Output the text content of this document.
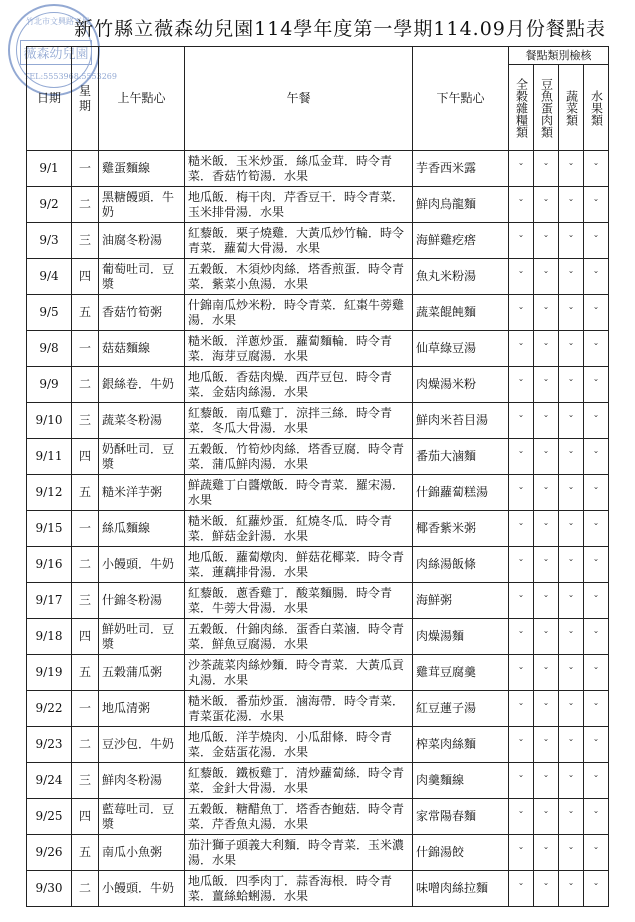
竹北市文興路五段
薇森幼兒園
TEL:5553968.5553269
新竹縣立薇森幼兒園114學年度第一學期114.09月份餐點表
日期	星期	上午點心	午餐	下午點心	餐點類別檢核			

					全穀雜糧類	豆魚蛋肉類	蔬菜類	水果類

9/1	一	雞蛋麵線	糙米飯．玉米炒蛋．絲瓜金茸．時令青菜．香菇竹筍湯．水果	芋香西米露	ˇ	ˇ	ˇ	ˇ
9/2	二	黑糖饅頭．牛奶	地瓜飯．梅干肉．芹香豆干．時令青菜．玉米排骨湯．水果	鮮肉烏龍麵	ˇ	ˇ	ˇ	ˇ
9/3	三	油腐冬粉湯	紅藜飯．栗子燒雞．大黃瓜炒竹輪．時令青菜．蘿蔔大骨湯．水果	海鮮雞疙瘩	ˇ	ˇ	ˇ	ˇ
9/4	四	葡萄吐司．豆漿	五穀飯．木須炒肉絲．塔香煎蛋．時令青菜．紫菜小魚湯．水果	魚丸米粉湯	ˇ	ˇ	ˇ	ˇ
9/5	五	香菇竹筍粥	什錦南瓜炒米粉．時令青菜．紅棗牛蒡雞湯．水果	蔬菜餛飩麵	ˇ	ˇ	ˇ	ˇ
9/8	一	菇菇麵線	糙米飯．洋蔥炒蛋．蘿蔔麵輪．時令青菜．海芽豆腐湯．水果	仙草綠豆湯	ˇ	ˇ	ˇ	ˇ
9/9	二	銀絲卷．牛奶	地瓜飯．香菇肉燥．西芹豆包．時令青菜．金菇肉絲湯．水果	肉燥湯米粉	ˇ	ˇ	ˇ	ˇ
9/10	三	蔬菜冬粉湯	紅藜飯．南瓜雞丁．涼拌三絲．時令青菜．冬瓜大骨湯．水果	鮮肉米苔目湯	ˇ	ˇ	ˇ	ˇ
9/11	四	奶酥吐司．豆漿	五穀飯．竹筍炒肉絲．塔香豆腐．時令青菜．蒲瓜鮮肉湯．水果	番茄大滷麵	ˇ	ˇ	ˇ	ˇ
9/12	五	糙米洋芋粥	鮮蔬雞丁白醬燉飯．時令青菜．羅宋湯．水果	什錦蘿蔔糕湯	ˇ	ˇ	ˇ	ˇ
9/15	一	絲瓜麵線	糙米飯．紅蘿炒蛋．紅燒冬瓜．時令青菜．鮮菇金針湯．水果	椰香紫米粥	ˇ	ˇ	ˇ	ˇ
9/16	二	小饅頭．牛奶	地瓜飯．蘿蔔燉肉．鮮菇花椰菜．時令青菜．蓮藕排骨湯．水果	肉絲湯飯條	ˇ	ˇ	ˇ	ˇ
9/17	三	什錦冬粉湯	紅藜飯．蔥香雞丁．酸菜麵腸．時令青菜．牛蒡大骨湯．水果	海鮮粥	ˇ	ˇ	ˇ	ˇ
9/18	四	鮮奶吐司．豆漿	五穀飯．什錦肉絲．蛋香白菜滷．時令青菜．鮮魚豆腐湯．水果	肉燥湯麵	ˇ	ˇ	ˇ	ˇ
9/19	五	五穀蒲瓜粥	沙茶蔬菜肉絲炒麵．時令青菜．大黃瓜貢丸湯．水果	雞茸豆腐羹	ˇ	ˇ	ˇ	ˇ
9/22	一	地瓜清粥	糙米飯．番茄炒蛋．滷海帶．時令青菜．青菜蛋花湯．水果	紅豆蓮子湯	ˇ	ˇ	ˇ	ˇ
9/23	二	豆沙包．牛奶	地瓜飯．洋芋燒肉．小瓜甜條．時令青菜．金菇蛋花湯．水果	榨菜肉絲麵	ˇ	ˇ	ˇ	ˇ
9/24	三	鮮肉冬粉湯	紅藜飯．鐵板雞丁．清炒蘿蔔絲．時令青菜．金針大骨湯．水果	肉羹麵線	ˇ	ˇ	ˇ	ˇ
9/25	四	藍莓吐司．豆漿	五穀飯．糖醋魚丁．塔香杏鮑菇．時令青菜．芹香魚丸湯．水果	家常陽春麵	ˇ	ˇ	ˇ	ˇ
9/26	五	南瓜小魚粥	茄汁獅子頭義大利麵．時令青菜．玉米濃湯．水果	什錦湯餃	ˇ	ˇ	ˇ	ˇ
9/30	二	小饅頭．牛奶	地瓜飯．四季肉丁．蒜香海根．時令青菜．薑絲蛤蜊湯．水果	味噌肉絲拉麵	ˇ	ˇ	ˇ	ˇ
